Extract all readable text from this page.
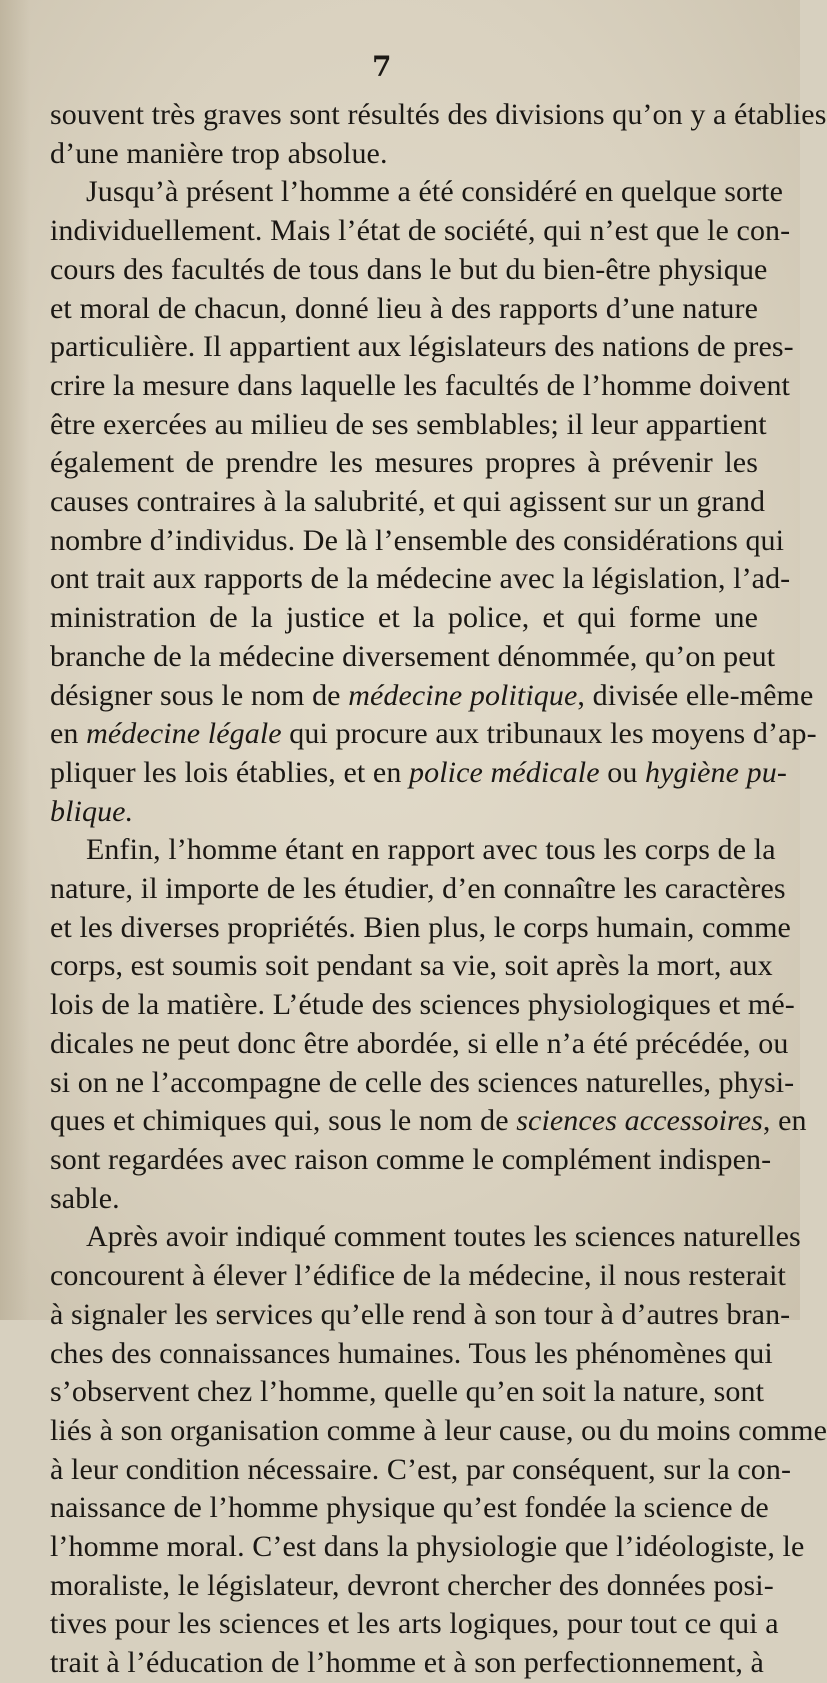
7

souvent très graves sont résultés des divisions qu’on y a établies
d’une manière trop absolue.

Jusqu’à présent l’homme a été considéré en quelque sorte
individuellement. Mais l’état de société, qui n’est que le con-
cours des facultés de tous dans le but du bien-être physique
et moral de chacun, donné lieu à des rapports d’une nature
particulière. Il appartient aux législateurs des nations de pres-
crire la mesure dans laquelle les facultés de l’homme doivent
être exercées au milieu de ses semblables; il leur appartient
également de prendre les mesures propres à prévenir les
causes contraires à la salubrité, et qui agissent sur un grand
nombre d’individus. De là l’ensemble des considérations qui
ont trait aux rapports de la médecine avec la législation, l’ad-
ministration de la justice et la police, et qui forme une
branche de la médecine diversement dénommée, qu’on peut
désigner sous le nom de médecine politique, divisée elle-même
en médecine légale qui procure aux tribunaux les moyens d’ap-
pliquer les lois établies, et en police médicale ou hygiène pu-
blique.

Enfin, l’homme étant en rapport avec tous les corps de la
nature, il importe de les étudier, d’en connaître les caractères
et les diverses propriétés. Bien plus, le corps humain, comme
corps, est soumis soit pendant sa vie, soit après la mort, aux
lois de la matière. L’étude des sciences physiologiques et mé-
dicales ne peut donc être abordée, si elle n’a été précédée, ou
si on ne l’accompagne de celle des sciences naturelles, physi-
ques et chimiques qui, sous le nom de sciences accessoires, en
sont regardées avec raison comme le complément indispen-
sable.

Après avoir indiqué comment toutes les sciences naturelles
concourent à élever l’édifice de la médecine, il nous resterait
à signaler les services qu’elle rend à son tour à d’autres bran-
ches des connaissances humaines. Tous les phénomènes qui
s’observent chez l’homme, quelle qu’en soit la nature, sont
liés à son organisation comme à leur cause, ou du moins comme
à leur condition nécessaire. C’est, par conséquent, sur la con-
naissance de l’homme physique qu’est fondée la science de
l’homme moral. C’est dans la physiologie que l’idéologiste, le
moraliste, le législateur, devront chercher des données posi-
tives pour les sciences et les arts logiques, pour tout ce qui a
trait à l’éducation de l’homme et à son perfectionnement, à
